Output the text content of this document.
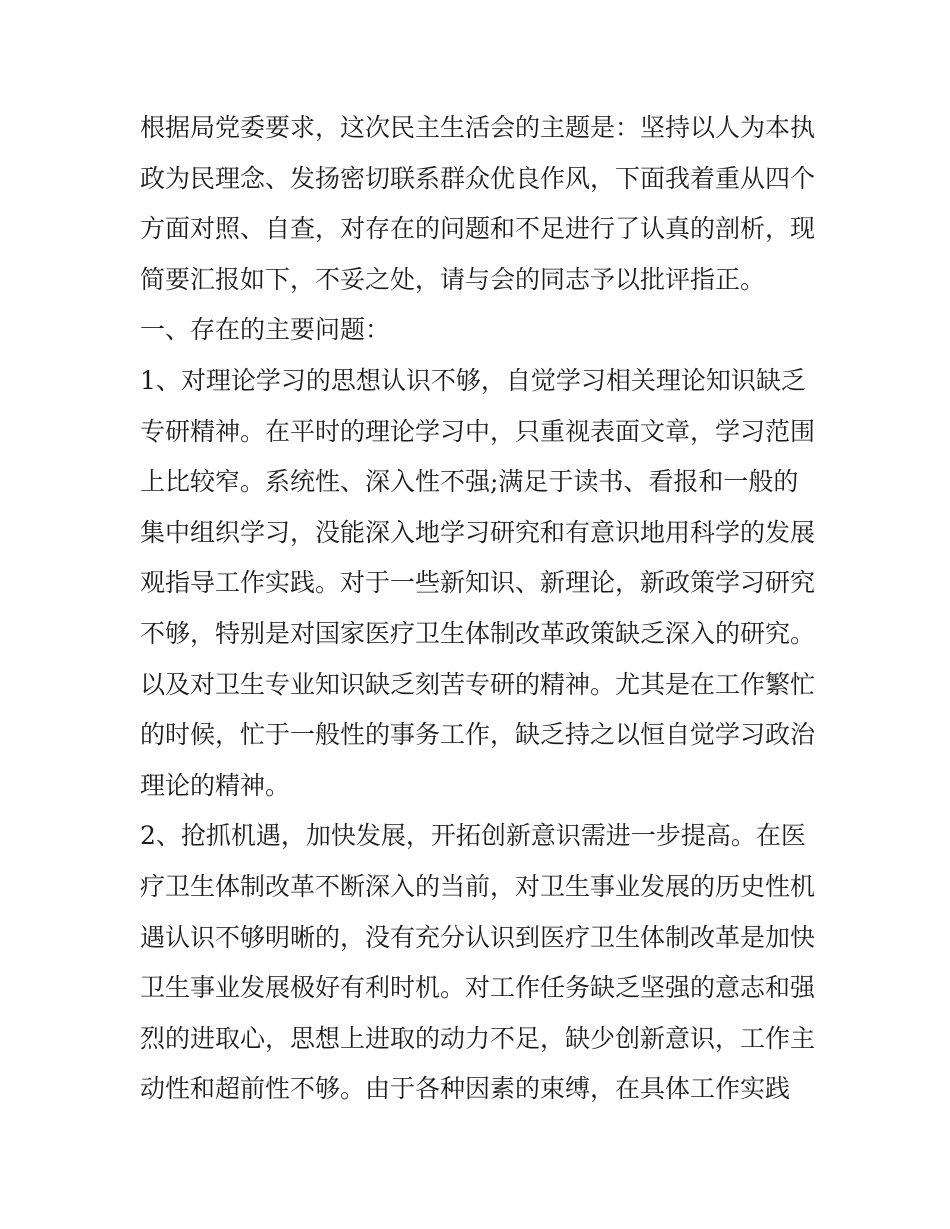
根据局党委要求，这次民主生活会的主题是：坚持以人为本执
政为民理念、发扬密切联系群众优良作风，下面我着重从四个
方面对照、自查，对存在的问题和不足进行了认真的剖析，现
简要汇报如下，不妥之处，请与会的同志予以批评指正。
一、存在的主要问题：
1、对理论学习的思想认识不够，自觉学习相关理论知识缺乏
专研精神。在平时的理论学习中，只重视表面文章，学习范围
上比较窄。系统性、深入性不强;满足于读书、看报和一般的
集中组织学习，没能深入地学习研究和有意识地用科学的发展
观指导工作实践。对于一些新知识、新理论，新政策学习研究
不够，特别是对国家医疗卫生体制改革政策缺乏深入的研究。
以及对卫生专业知识缺乏刻苦专研的精神。尤其是在工作繁忙
的时候，忙于一般性的事务工作，缺乏持之以恒自觉学习政治
理论的精神。
2、抢抓机遇，加快发展，开拓创新意识需进一步提高。在医
疗卫生体制改革不断深入的当前，对卫生事业发展的历史性机
遇认识不够明晰的，没有充分认识到医疗卫生体制改革是加快
卫生事业发展极好有利时机。对工作任务缺乏坚强的意志和强
烈的进取心，思想上进取的动力不足，缺少创新意识，工作主
动性和超前性不够。由于各种因素的束缚，在具体工作实践
